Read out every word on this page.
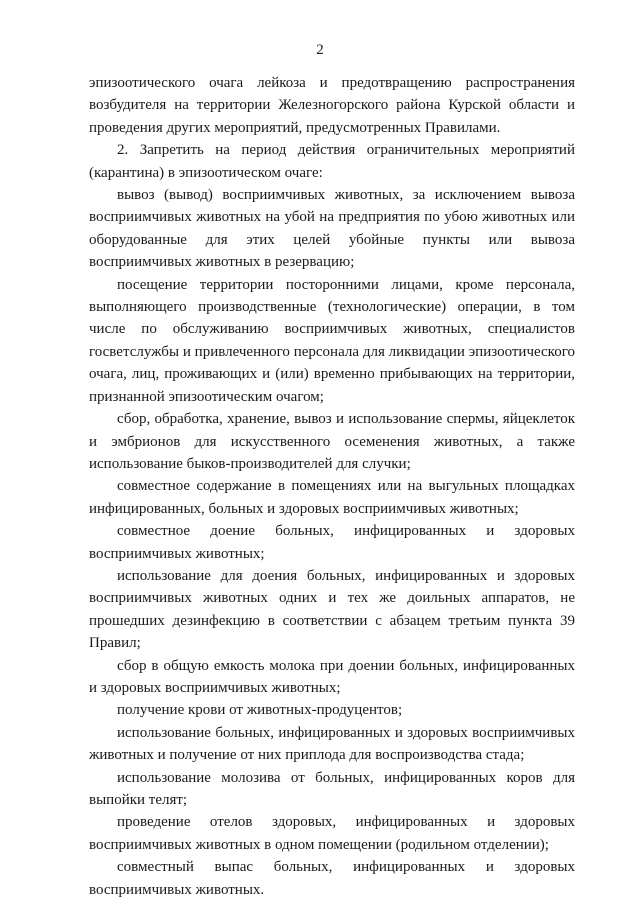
2

эпизоотического очага лейкоза и предотвращению распространения возбудителя на территории Железногорского района Курской области и проведения других мероприятий, предусмотренных Правилами.

2. Запретить на период действия ограничительных мероприятий (карантина) в эпизоотическом очаге:

вывоз (вывод) восприимчивых животных, за исключением вывоза восприимчивых животных на убой на предприятия по убою животных или оборудованные для этих целей убойные пункты или вывоза восприимчивых животных в резервацию;

посещение территории посторонними лицами, кроме персонала, выполняющего производственные (технологические) операции, в том числе по обслуживанию восприимчивых животных, специалистов госветслужбы и привлеченного персонала для ликвидации эпизоотического очага, лиц, проживающих и (или) временно прибывающих на территории, признанной эпизоотическим очагом;

сбор, обработка, хранение, вывоз и использование спермы, яйцеклеток и эмбрионов для искусственного осеменения животных, а также использование быков-производителей для случки;

совместное содержание в помещениях или на выгульных площадках инфицированных, больных и здоровых восприимчивых животных;

совместное доение больных, инфицированных и здоровых восприимчивых животных;

использование для доения больных, инфицированных и здоровых восприимчивых животных одних и тех же доильных аппаратов, не прошедших дезинфекцию в соответствии с абзацем третьим пункта 39 Правил;

сбор в общую емкость молока при доении больных, инфицированных и здоровых восприимчивых животных;

получение крови от животных-продуцентов;

использование больных, инфицированных и здоровых восприимчивых животных и получение от них приплода для воспроизводства стада;

использование молозива от больных, инфицированных коров для выпойки телят;

проведение отелов здоровых, инфицированных и здоровых восприимчивых животных в одном помещении (родильном отделении);

совместный выпас больных, инфицированных и здоровых восприимчивых животных.
